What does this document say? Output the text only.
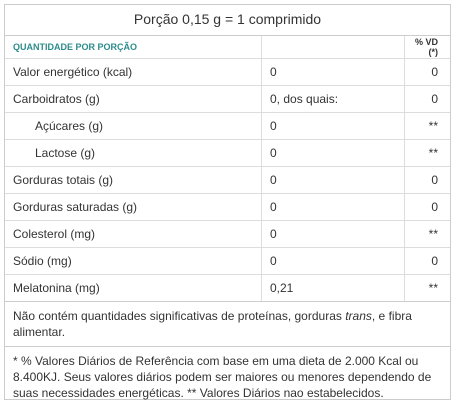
Porção 0,15 g = 1 comprimido
QUANTIDADE POR PORÇÃO		% VD (*)
Valor energético (kcal)	0	0
Carboidratos (g)	0, dos quais:	0
Açúcares (g)	0	**
Lactose (g)	0	**
Gorduras totais (g)	0	0
Gorduras saturadas (g)	0	0
Colesterol (mg)	0	**
Sódio (mg)	0	0
Melatonina (mg)	0,21	**
Não contém quantidades significativas de proteínas, gorduras trans, e fibra alimentar.
* % Valores Diários de Referência com base em uma dieta de 2.000 Kcal ou 8.400KJ. Seus valores diários podem ser maiores ou menores dependendo de suas necessidades energéticas. ** Valores Diários nao estabelecidos.
